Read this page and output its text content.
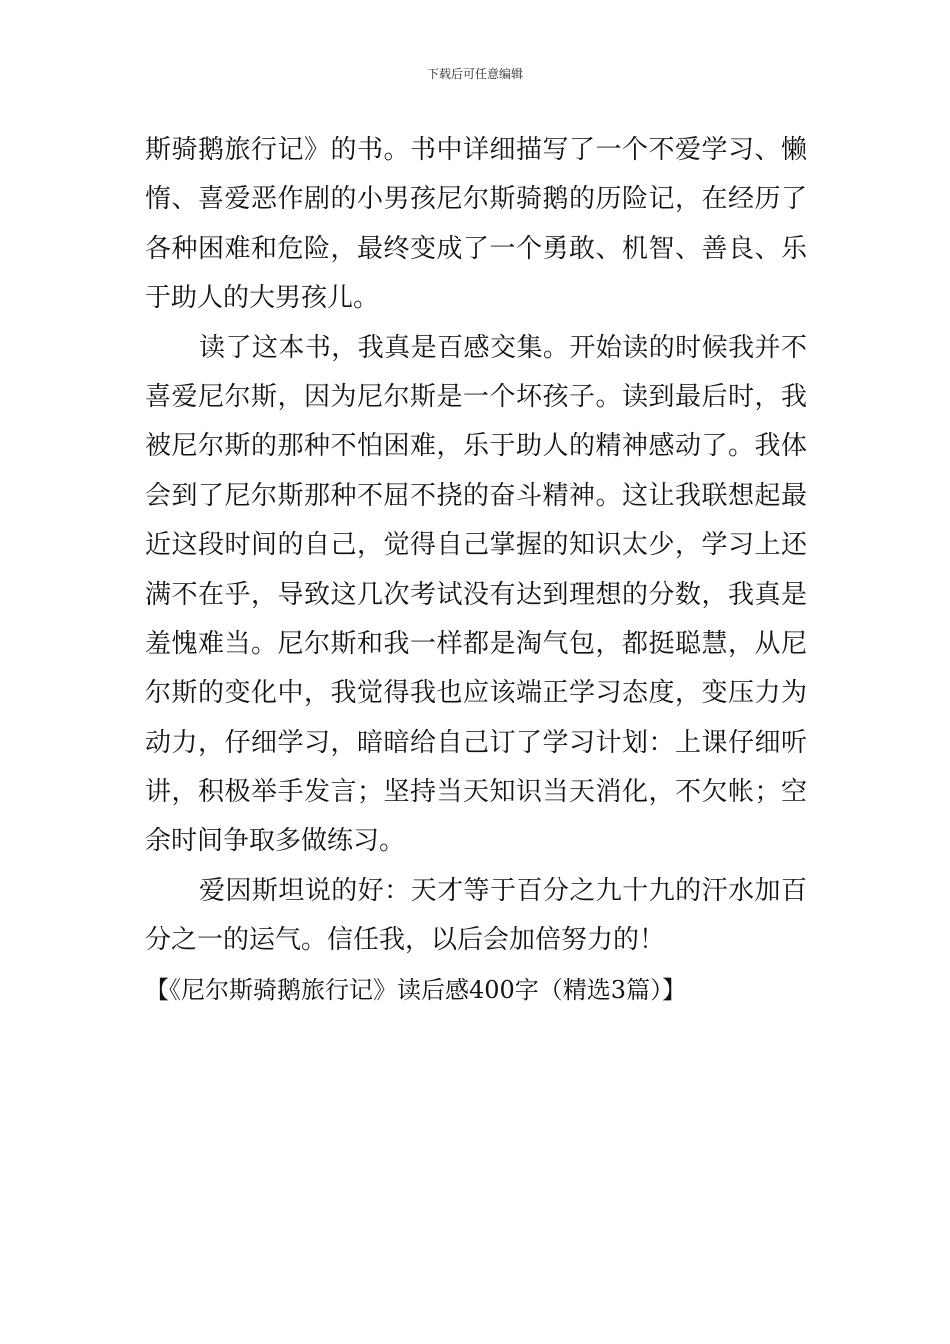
下载后可任意编辑
斯骑鹅旅行记》的书。书中详细描写了一个不爱学习、懒
惰、喜爱恶作剧的小男孩尼尔斯骑鹅的历险记，在经历了
各种困难和危险，最终变成了一个勇敢、机智、善良、乐
于助人的大男孩儿。
读了这本书，我真是百感交集。开始读的时候我并不
喜爱尼尔斯，因为尼尔斯是一个坏孩子。读到最后时，我
被尼尔斯的那种不怕困难，乐于助人的精神感动了。我体
会到了尼尔斯那种不屈不挠的奋斗精神。这让我联想起最
近这段时间的自己，觉得自己掌握的知识太少，学习上还
满不在乎，导致这几次考试没有达到理想的分数，我真是
羞愧难当。尼尔斯和我一样都是淘气包，都挺聪慧，从尼
尔斯的变化中，我觉得我也应该端正学习态度，变压力为
动力，仔细学习，暗暗给自己订了学习计划：上课仔细听
讲，积极举手发言；坚持当天知识当天消化，不欠帐；空
余时间争取多做练习。
爱因斯坦说的好：天才等于百分之九十九的汗水加百
分之一的运气。信任我，以后会加倍努力的！
【《尼尔斯骑鹅旅行记》读后感400字（精选3篇）】
